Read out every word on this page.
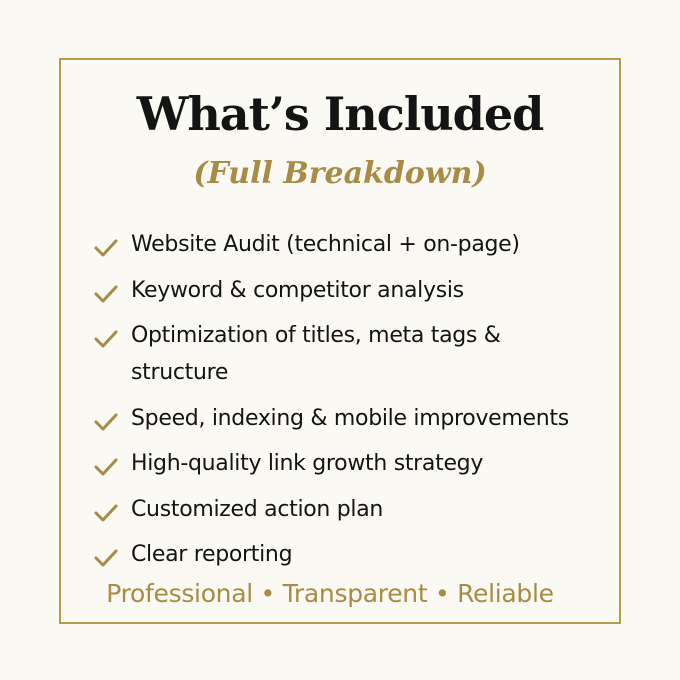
What’s Included
(Full Breakdown)
Website Audit (technical + on-page)
Keyword & competitor analysis
Optimization of titles, meta tags & structure
Speed, indexing & mobile improvements
High-quality link growth strategy
Customized action plan
Clear reporting

Professional • Transparent • Reliable
